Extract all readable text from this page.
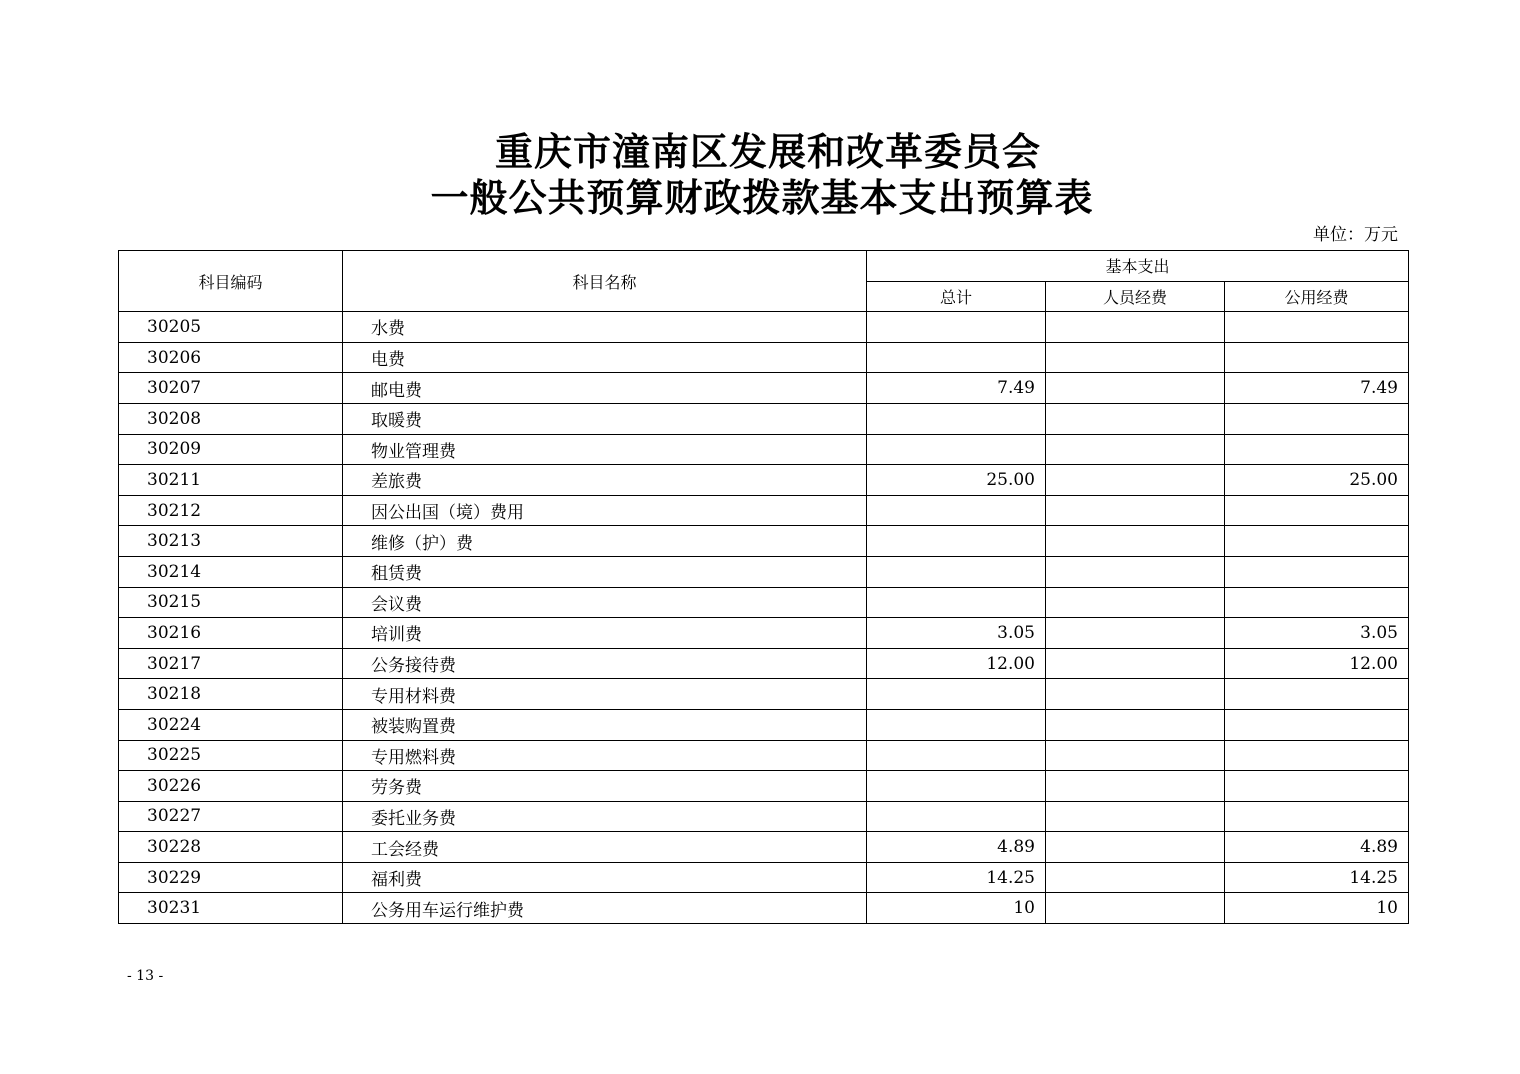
重庆市潼南区发展和改革委员会
一般公共预算财政拨款基本支出预算表
单位：万元
科目编码	科目名称	基本支出		
		总计	人员经费	公用经费
30205	水费			
30206	电费			
30207	邮电费	7.49		7.49
30208	取暖费			
30209	物业管理费			
30211	差旅费	25.00		25.00
30212	因公出国（境）费用			
30213	维修（护）费			
30214	租赁费			
30215	会议费			
30216	培训费	3.05		3.05
30217	公务接待费	12.00		12.00
30218	专用材料费			
30224	被装购置费			
30225	专用燃料费			
30226	劳务费			
30227	委托业务费			
30228	工会经费	4.89		4.89
30229	福利费	14.25		14.25
30231	公务用车运行维护费	10		10
- 13 -
